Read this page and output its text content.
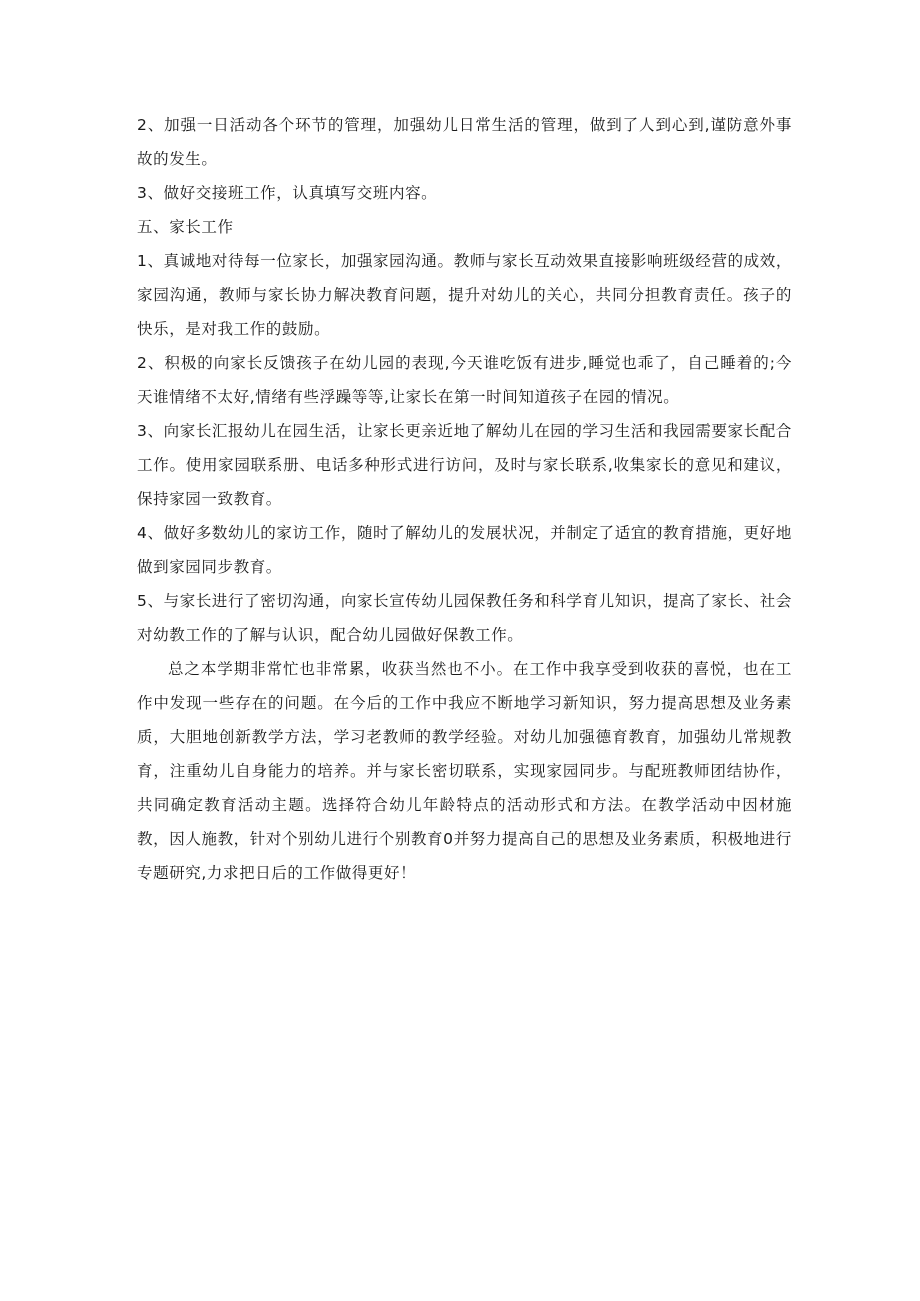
2、加强一日活动各个环节的管理，加强幼儿日常生活的管理，做到了人到心到,谨防意外事故的发生。

3、做好交接班工作，认真填写交班内容。

五、家长工作

1、真诚地对待每一位家长，加强家园沟通。教师与家长互动效果直接影响班级经营的成效，家园沟通，教师与家长协力解决教育问题，提升对幼儿的关心，共同分担教育责任。孩子的快乐，是对我工作的鼓励。

2、积极的向家长反馈孩子在幼儿园的表现,今天谁吃饭有进步,睡觉也乖了，自己睡着的;今天谁情绪不太好,情绪有些浮躁等等,让家长在第一时间知道孩子在园的情况。

3、向家长汇报幼儿在园生活，让家长更亲近地了解幼儿在园的学习生活和我园需要家长配合工作。使用家园联系册、电话多种形式进行访问，及时与家长联系,收集家长的意见和建议，保持家园一致教育。

4、做好多数幼儿的家访工作，随时了解幼儿的发展状况，并制定了适宜的教育措施，更好地做到家园同步教育。

5、与家长进行了密切沟通，向家长宣传幼儿园保教任务和科学育儿知识，提高了家长、社会对幼教工作的了解与认识，配合幼儿园做好保教工作。

总之本学期非常忙也非常累，收获当然也不小。在工作中我享受到收获的喜悦，也在工作中发现一些存在的问题。在今后的工作中我应不断地学习新知识，努力提高思想及业务素质，大胆地创新教学方法，学习老教师的教学经验。对幼儿加强德育教育，加强幼儿常规教育，注重幼儿自身能力的培养。并与家长密切联系，实现家园同步。与配班教师团结协作，共同确定教育活动主题。选择符合幼儿年龄特点的活动形式和方法。在教学活动中因材施教，因人施教，针对个别幼儿进行个别教育0并努力提高自己的思想及业务素质，积极地进行专题研究,力求把日后的工作做得更好！
